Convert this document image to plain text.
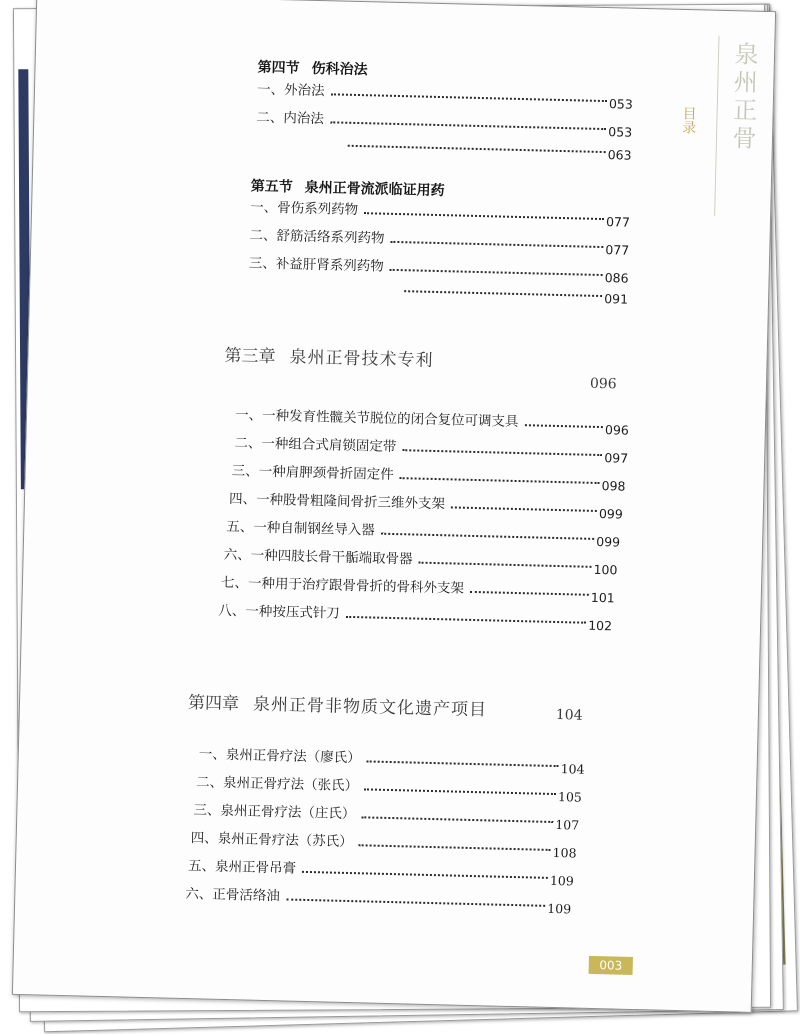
泉州正骨
目录
第四节 伤科治法
一、外治法
053
二、内治法
053
063
第五节 泉州正骨流派临证用药
一、骨伤系列药物
077
二、舒筋活络系列药物
077
三、补益肝肾系列药物
086
091
第三章 泉州正骨技术专利
096
一、一种发育性髋关节脱位的闭合复位可调支具	096
二、一种组合式肩锁固定带
097
三、一种肩胛颈骨折固定件
098
四、一种股骨粗隆间骨折三维外支架
099
五、一种自制钢丝导入器
099
六、一种四肢长骨干骺端取骨器
100
七、一种用于治疗跟骨骨折的骨科外支架
101
八、一种按压式针刀
102
第四章 泉州正骨非物质文化遗产项目	104
一、泉州正骨疗法（廖氏）
104
二、泉州正骨疗法（张氏）
105
三、泉州正骨疗法（庄氏）
107
四、泉州正骨疗法（苏氏）
108
五、泉州正骨吊膏
109
六、正骨活络油
109
003
